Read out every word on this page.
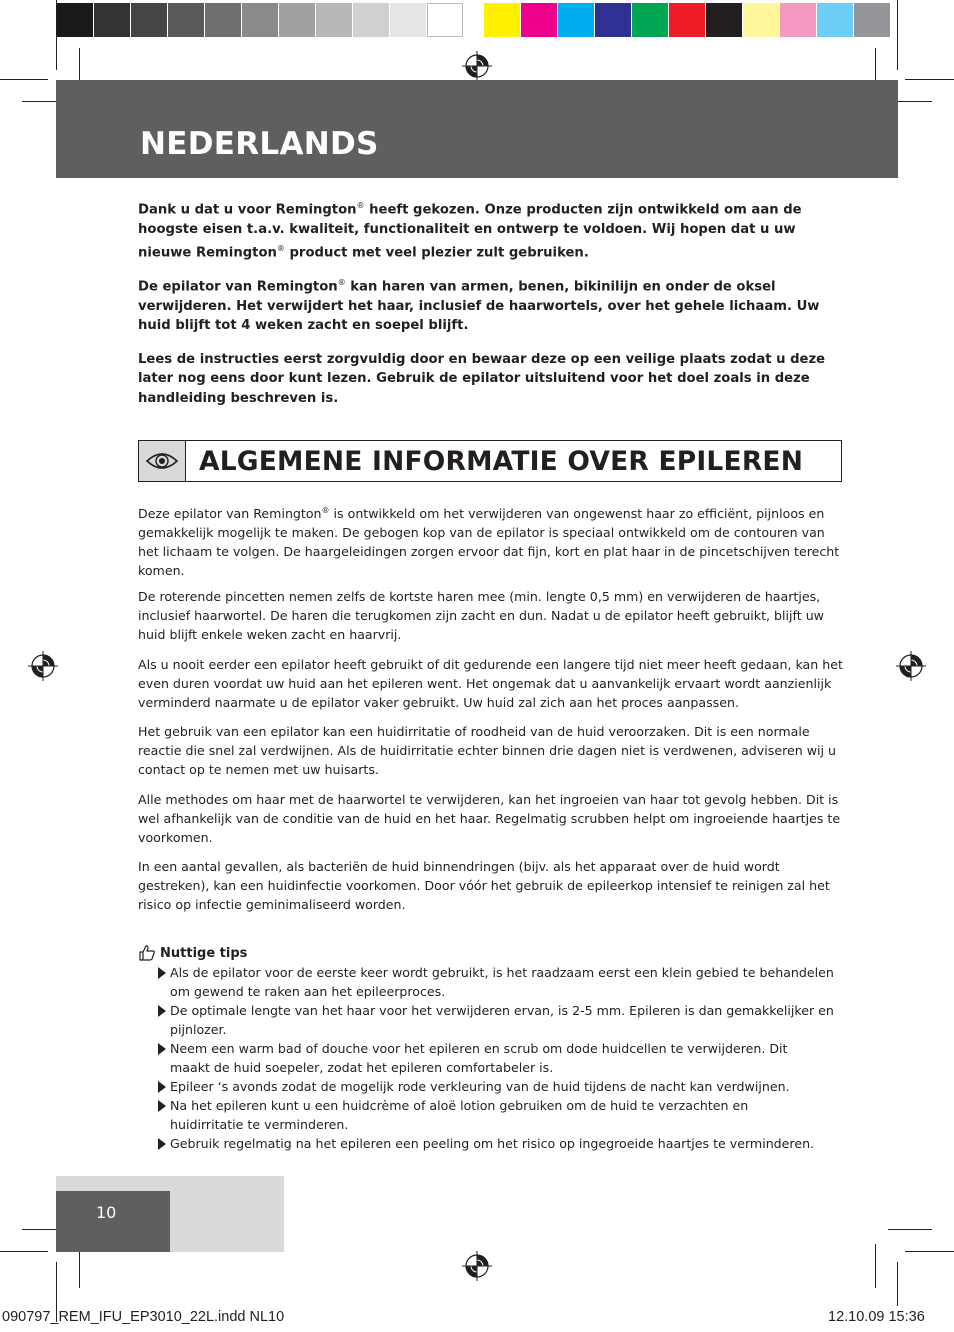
NEDERLANDS
Dank u dat u voor Remington® heeft gekozen. Onze producten zijn ontwikkeld om aan de hoogste eisen t.a.v. kwaliteit, functionaliteit en ontwerp te voldoen. Wij hopen dat u uw nieuwe Remington® product met veel plezier zult gebruiken.
De epilator van Remington® kan haren van armen, benen, bikinilijn en onder de oksel verwijderen. Het verwijdert het haar, inclusief de haarwortels, over het gehele lichaam. Uw huid blijft tot 4 weken zacht en soepel blijft.
Lees de instructies eerst zorgvuldig door en bewaar deze op een veilige plaats zodat u deze later nog eens door kunt lezen. Gebruik de epilator uitsluitend voor het doel zoals in deze handleiding beschreven is.
ALGEMENE INFORMATIE OVER EPILEREN
Deze epilator van Remington® is ontwikkeld om het verwijderen van ongewenst haar zo efficiënt, pijnloos en gemakkelijk mogelijk te maken. De gebogen kop van de epilator is speciaal ontwikkeld om de contouren van het lichaam te volgen. De haargeleidingen zorgen ervoor dat fijn, kort en plat haar in de pincetschijven terecht komen.
De roterende pincetten nemen zelfs de kortste haren mee (min. lengte 0,5 mm) en verwijderen de haartjes, inclusief haarwortel. De haren die terugkomen zijn zacht en dun. Nadat u de epilator heeft gebruikt, blijft uw huid blijft enkele weken zacht en haarvrij.
Als u nooit eerder een epilator heeft gebruikt of dit gedurende een langere tijd niet meer heeft gedaan, kan het even duren voordat uw huid aan het epileren went. Het ongemak dat u aanvankelijk ervaart wordt aanzienlijk verminderd naarmate u de epilator vaker gebruikt. Uw huid zal zich aan het proces aanpassen.
Het gebruik van een epilator kan een huidirritatie of roodheid van de huid veroorzaken. Dit is een normale reactie die snel zal verdwijnen. Als de huidirritatie echter binnen drie dagen niet is verdwenen, adviseren wij u contact op te nemen met uw huisarts.
Alle methodes om haar met de haarwortel te verwijderen, kan het ingroeien van haar tot gevolg hebben. Dit is wel afhankelijk van de conditie van de huid en het haar. Regelmatig scrubben helpt om ingroeiende haartjes te voorkomen.
In een aantal gevallen, als bacteriën de huid binnendringen (bijv. als het apparaat over de huid wordt gestreken), kan een huidinfectie voorkomen. Door vóór het gebruik de epileerkop intensief te reinigen zal het risico op infectie geminimaliseerd worden.
Nuttige tips
Als de epilator voor de eerste keer wordt gebruikt, is het raadzaam eerst een klein gebied te behandelen om gewend te raken aan het epileerproces.
De optimale lengte van het haar voor het verwijderen ervan, is 2-5 mm. Epileren is dan gemakkelijker en pijnlozer.
Neem een warm bad of douche voor het epileren en scrub om dode huidcellen te verwijderen. Dit maakt de huid soepeler, zodat het epileren comfortabeler is.
Epileer ‘s avonds zodat de mogelijk rode verkleuring van de huid tijdens de nacht kan verdwijnen.
Na het epileren kunt u een huidcrème of aloë lotion gebruiken om de huid te verzachten en huidirritatie te verminderen.
Gebruik regelmatig na het epileren een peeling om het risico op ingegroeide haartjes te verminderen.
10
090797_REM_IFU_EP3010_22L.indd NL10	12.10.09 15:36
